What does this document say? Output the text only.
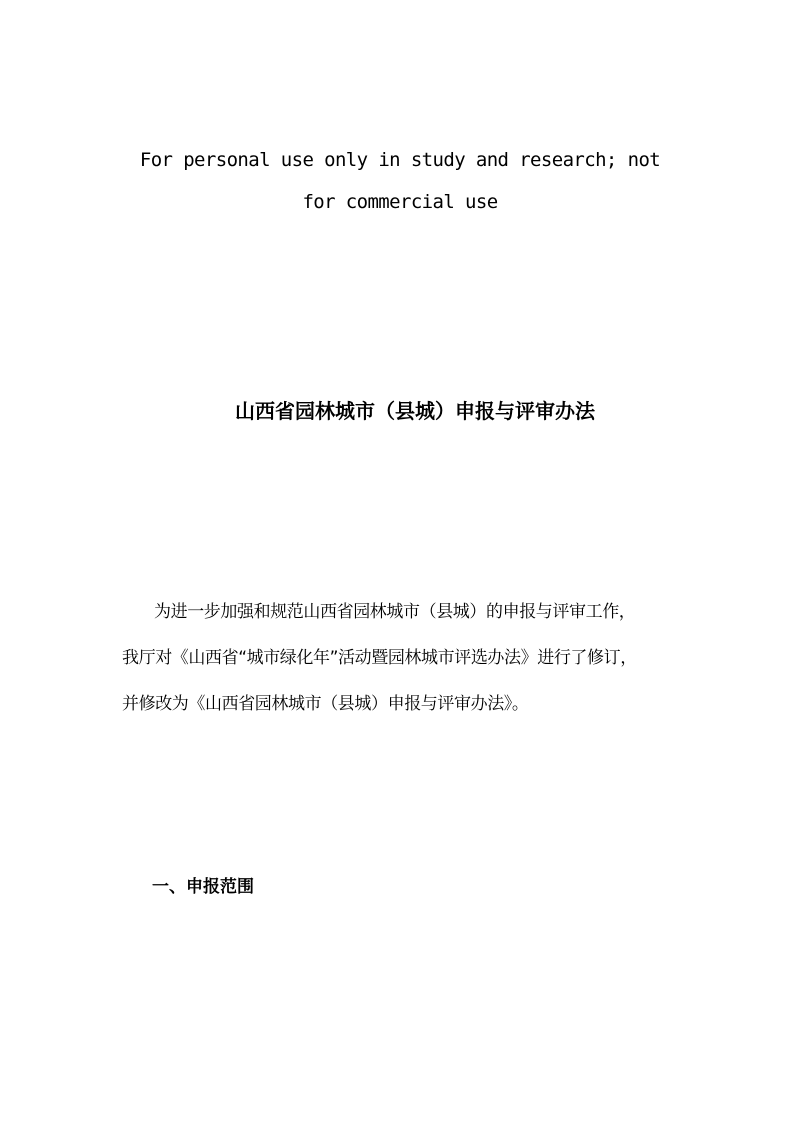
For personal use only in study and research; not
for commercial use
山西省园林城市（县城）申报与评审办法
为进一步加强和规范山西省园林城市（县城）的申报与评审工作，
我厅对《山西省“城市绿化年”活动暨园林城市评选办法》进行了修订，
并修改为《山西省园林城市（县城）申报与评审办法》。
一、申报范围
